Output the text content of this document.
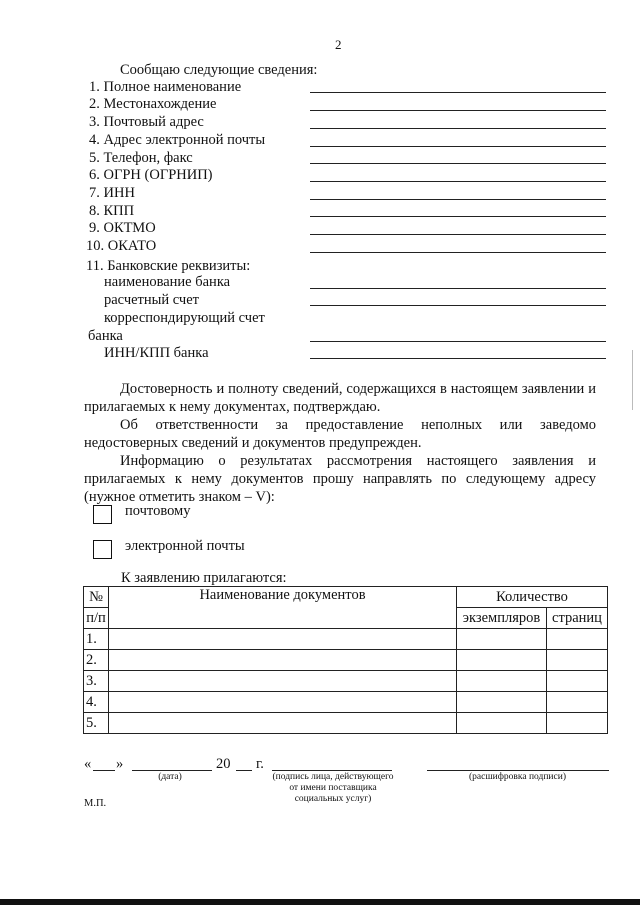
2
Сообщаю следующие сведения:
1. Полное наименование
2. Местонахождение
3. Почтовый адрес
4. Адрес электронной почты
5. Телефон, факс
6. ОГРН (ОГРНИП)
7. ИНН
8. КПП
9. ОКТМО
10. ОКАТО
11. Банковские реквизиты:
наименование банка
расчетный счет
корреспондирующий счет
банка
ИНН/КПП банка
Достоверность и полноту сведений, содержащихся в настоящем заявлении и прилагаемых к нему документах, подтверждаю.
Об ответственности за предоставление неполных или заведомо недостоверных сведений и документов предупрежден.
Информацию о результатах рассмотрения настоящего заявления и прилагаемых к нему документов прошу направлять по следующему адресу (нужное отметить знаком – V):
почтовому
электронной почты
К заявлению прилагаются:
№	Наименование документов	Количество	
п/п		экземпляров	страниц
1.			
2.			
3.			
4.			
5.			
« »	20 г.
(дата)	(подпись лица, действующего от имени поставщика социальных услуг)
(расшифровка подписи)
М.П.
